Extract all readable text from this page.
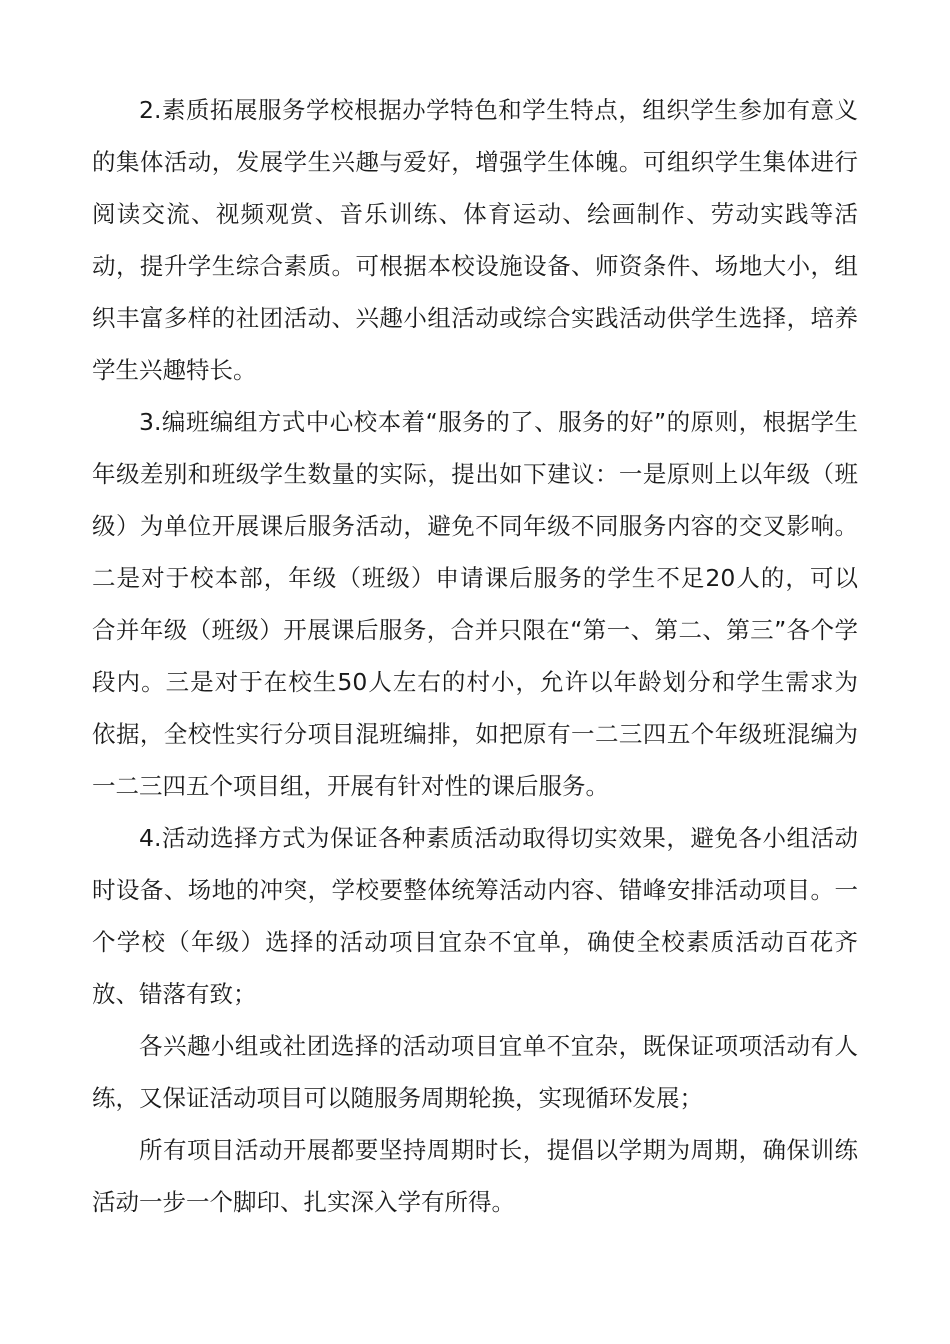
2.素质拓展服务学校根据办学特色和学生特点，组织学生参加有意义

的集体活动，发展学生兴趣与爱好，增强学生体魄。可组织学生集体进行

阅读交流、视频观赏、音乐训练、体育运动、绘画制作、劳动实践等活

动，提升学生综合素质。可根据本校设施设备、师资条件、场地大小，组

织丰富多样的社团活动、兴趣小组活动或综合实践活动供学生选择，培养

学生兴趣特长。

3.编班编组方式中心校本着“服务的了、服务的好”的原则，根据学生

年级差别和班级学生数量的实际，提出如下建议：一是原则上以年级（班

级）为单位开展课后服务活动，避免不同年级不同服务内容的交叉影响。

二是对于校本部，年级（班级）申请课后服务的学生不足20人的，可以

合并年级（班级）开展课后服务，合并只限在“第一、第二、第三”各个学

段内。三是对于在校生50人左右的村小，允许以年龄划分和学生需求为

依据，全校性实行分项目混班编排，如把原有一二三四五个年级班混编为

一二三四五个项目组，开展有针对性的课后服务。

4.活动选择方式为保证各种素质活动取得切实效果，避免各小组活动

时设备、场地的冲突，学校要整体统筹活动内容、错峰安排活动项目。一

个学校（年级）选择的活动项目宜杂不宜单，确使全校素质活动百花齐

放、错落有致；

各兴趣小组或社团选择的活动项目宜单不宜杂，既保证项项活动有人

练，又保证活动项目可以随服务周期轮换，实现循环发展；

所有项目活动开展都要坚持周期时长，提倡以学期为周期，确保训练

活动一步一个脚印、扎实深入学有所得。
